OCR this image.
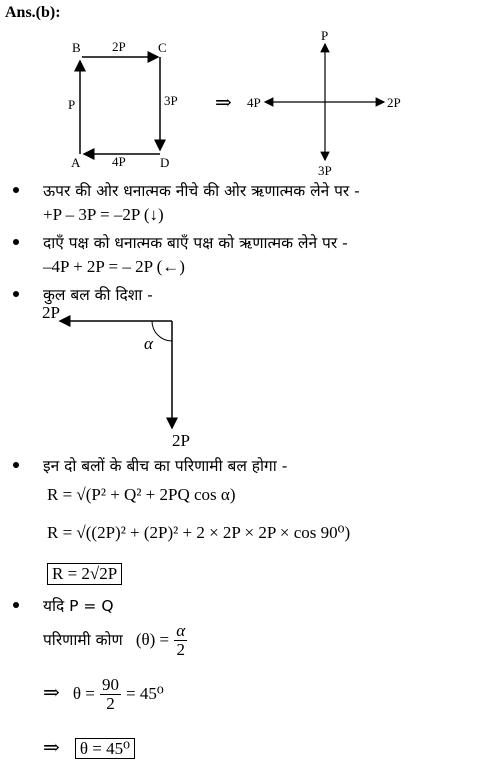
Ans.(b):
B	C
A	D
2P
P	3P
4P
⇒
P
3P
4P	2P
ऊपर की ओर धनात्मक नीचे की ओर ऋणात्मक लेने पर -
+P – 3P = –2P (↓)
दाएँ पक्ष को धनात्मक बाएँ पक्ष को ऋणात्मक लेने पर -
–4P + 2P = – 2P (←)
कुल बल की दिशा -
2P
2P
α
इन दो बलों के बीच का परिणामी बल होगा -
R = √(P² + Q² + 2PQ cos α)
R = √((2P)² + (2P)² + 2 × 2P × 2P × cos 90⁰)
R = 2√2P
यदि P = Q
परिणामी कोण $(\theta) = \frac{\alpha}{2}$
⇒ $\theta = \frac{90}{2} = 45^0$
⇒ θ = 45⁰
